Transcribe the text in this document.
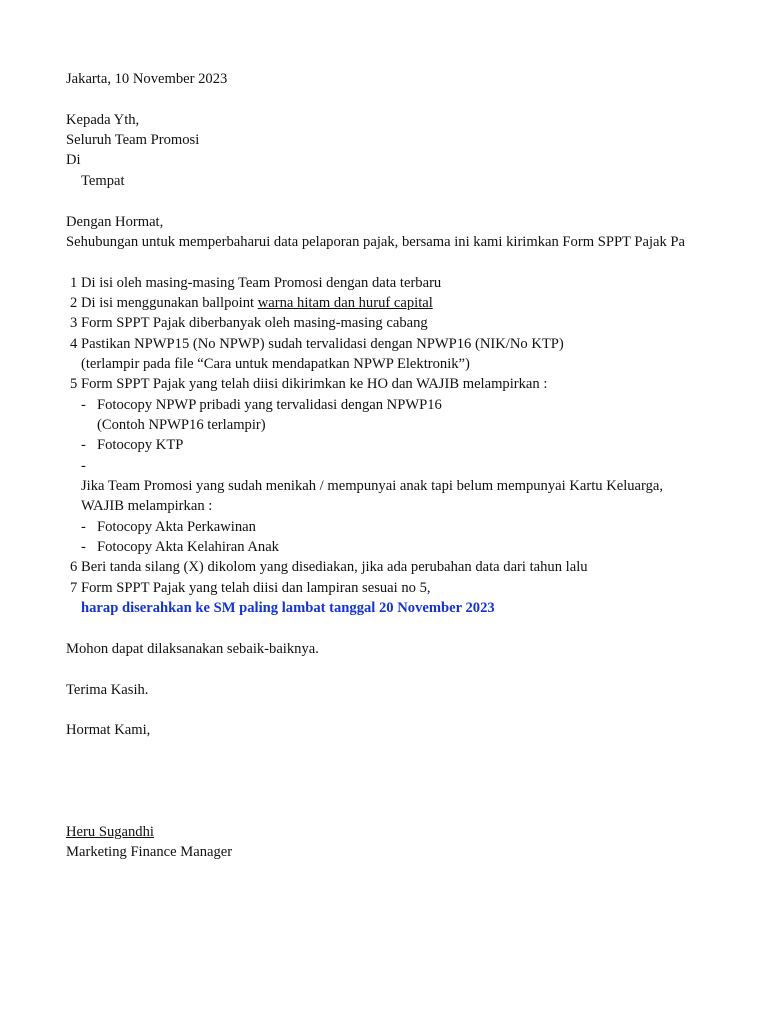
Jakarta, 10 November 2023
Kepada Yth,
Seluruh Team Promosi
Di
Tempat
Dengan Hormat,
Sehubungan untuk memperbaharui data pelaporan pajak, bersama ini kami kirimkan Form SPPT Pajak Pa
1 Di isi oleh masing-masing Team Promosi dengan data terbaru
2 Di isi menggunakan ballpoint warna hitam dan huruf capital
3 Form SPPT Pajak diberbanyak oleh masing-masing cabang
4 Pastikan NPWP15 (No NPWP) sudah tervalidasi dengan NPWP16 (NIK/No KTP)
(terlampir pada file “Cara untuk mendapatkan NPWP Elektronik”)
5 Form SPPT Pajak yang telah diisi dikirimkan ke HO dan WAJIB melampirkan :
- Fotocopy NPWP pribadi yang tervalidasi dengan NPWP16
(Contoh NPWP16 terlampir)
- Fotocopy KTP
-
Jika Team Promosi yang sudah menikah / mempunyai anak tapi belum mempunyai Kartu Keluarga,
WAJIB melampirkan :
- Fotocopy Akta Perkawinan
- Fotocopy Akta Kelahiran Anak
6 Beri tanda silang (X) dikolom yang disediakan, jika ada perubahan data dari tahun lalu
7 Form SPPT Pajak yang telah diisi dan lampiran sesuai no 5,
harap diserahkan ke SM paling lambat tanggal 20 November 2023
Mohon dapat dilaksanakan sebaik-baiknya.
Terima Kasih.
Hormat Kami,
Heru Sugandhi
Marketing Finance Manager
